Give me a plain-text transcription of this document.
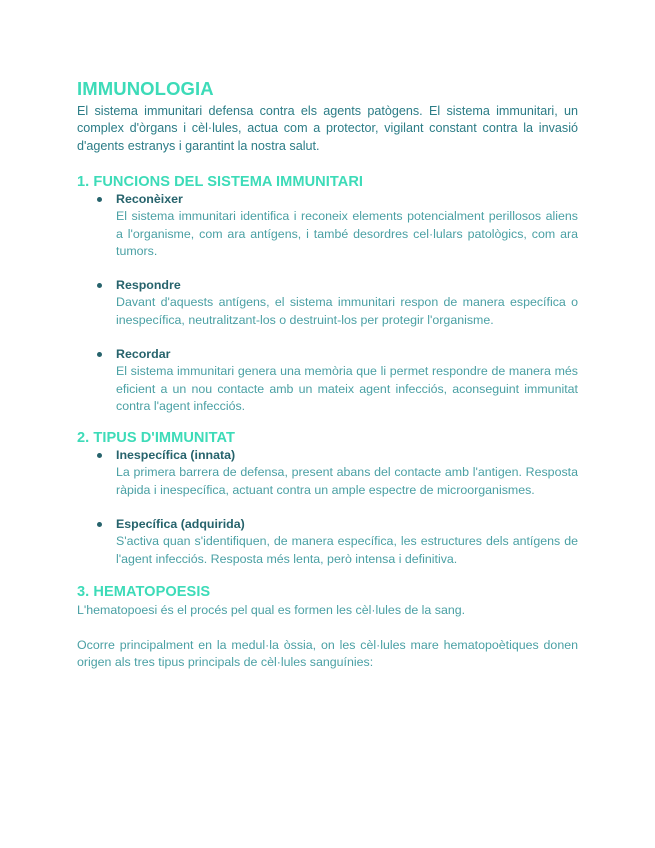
IMMUNOLOGIA

El sistema immunitari defensa contra els agents patògens. El sistema immunitari, un complex d'òrgans i cèl·lules, actua com a protector, vigilant constant contra la invasió d'agents estranys i garantint la nostra salut.

1. FUNCIONS DEL SISTEMA IMMUNITARI
Reconèixer
El sistema immunitari identifica i reconeix elements potencialment perillosos aliens a l'organisme, com ara antígens, i també desordres cel·lulars patològics, com ara tumors.
Respondre
Davant d'aquests antígens, el sistema immunitari respon de manera específica o inespecífica, neutralitzant-los o destruint-los per protegir l'organisme.
Recordar
El sistema immunitari genera una memòria que li permet respondre de manera més eficient a un nou contacte amb un mateix agent infecciós, aconseguint immunitat contra l'agent infecciós.
2. TIPUS D'IMMUNITAT
Inespecífica (innata)
La primera barrera de defensa, present abans del contacte amb l'antigen. Resposta ràpida i inespecífica, actuant contra un ample espectre de microorganismes.
Específica (adquirida)
S'activa quan s'identifiquen, de manera específica, les estructures dels antígens de l'agent infecciós. Resposta més lenta, però intensa i definitiva.
3. HEMATOPOESIS

L'hematopoesi és el procés pel qual es formen les cèl·lules de la sang.

Ocorre principalment en la medul·la òssia, on les cèl·lules mare hematopoètiques donen origen als tres tipus principals de cèl·lules sanguínies:
